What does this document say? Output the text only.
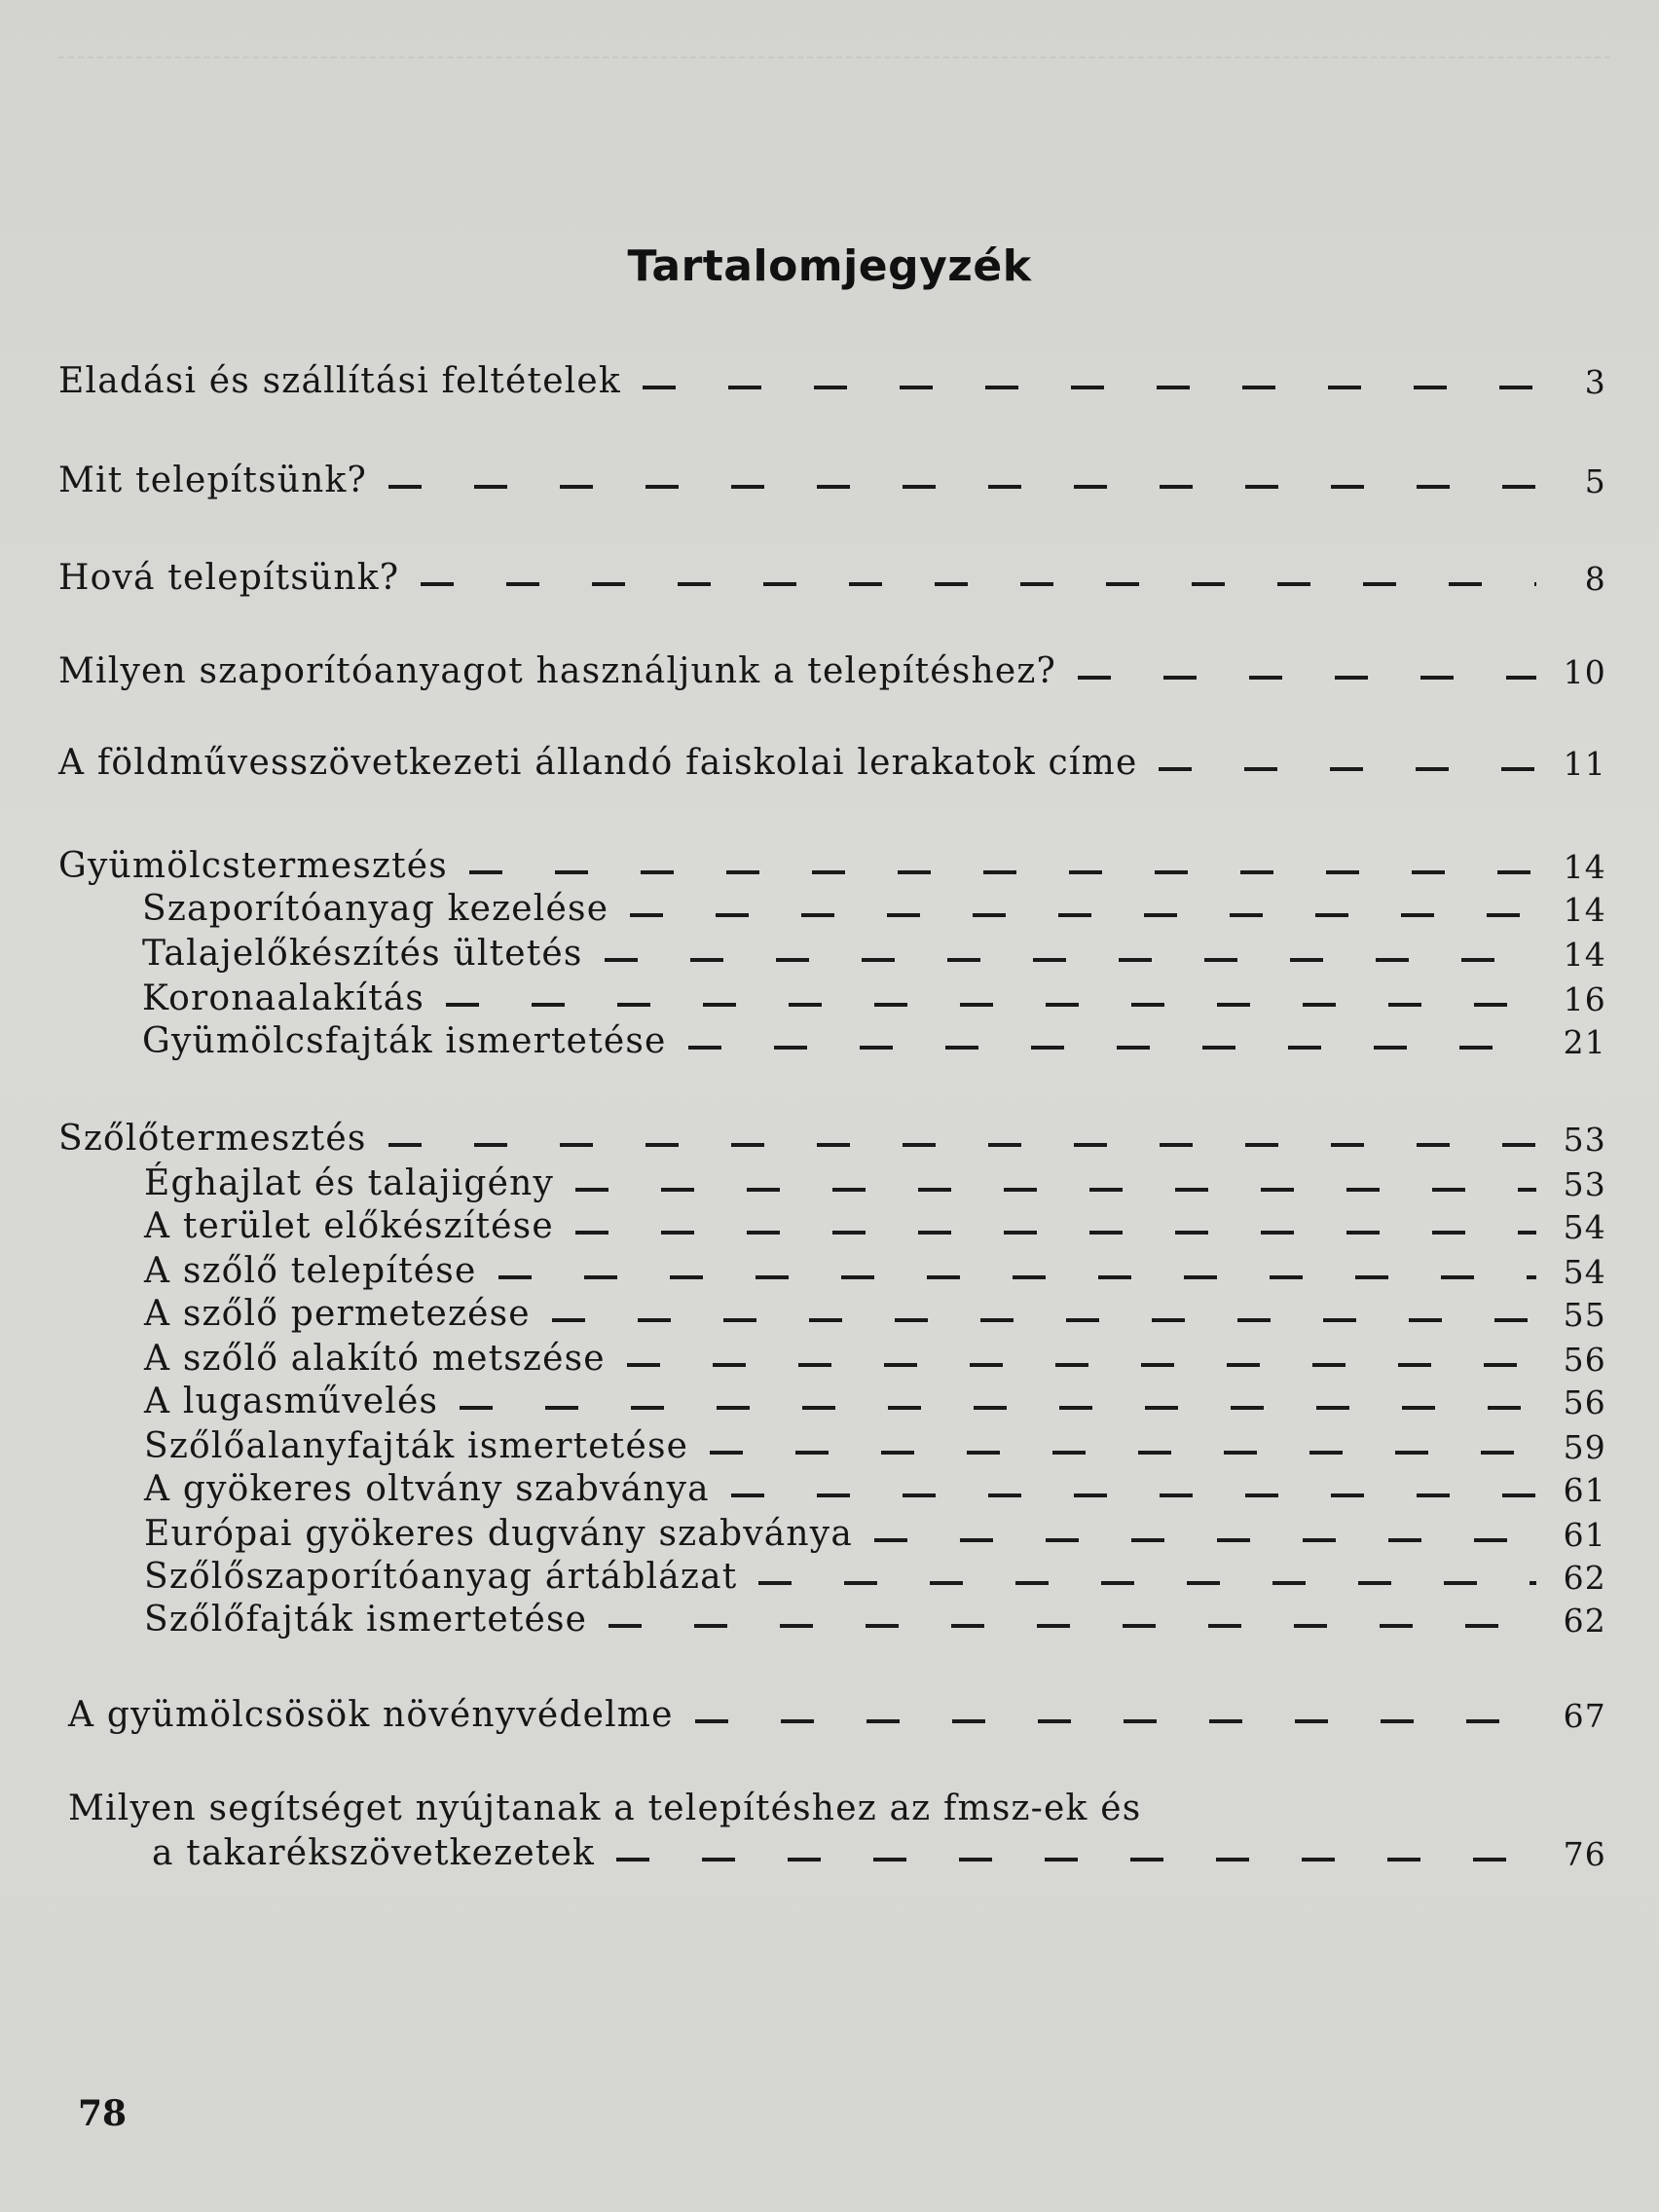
Tartalomjegyzék
Eladási és szállítási feltételek	3
Mit telepítsünk?	5
Hová telepítsünk?	8
Milyen szaporítóanyagot használjunk a telepítéshez?	10
A földművesszövetkezeti állandó faiskolai lerakatok címe	11
Gyümölcstermesztés	14
Szaporítóanyag kezelése	14
Talajelőkészítés ültetés	14
Koronaalakítás	16
Gyümölcsfajták ismertetése	21
Szőlőtermesztés	53
Éghajlat és talajigény	53
A terület előkészítése	54
A szőlő telepítése	54
A szőlő permetezése	55
A szőlő alakító metszése	56
A lugasművelés	56
Szőlőalanyfajták ismertetése	59
A gyökeres oltvány szabványa	61
Európai gyökeres dugvány szabványa	61
Szőlőszaporítóanyag ártáblázat	62
Szőlőfajták ismertetése	62
A gyümölcsösök növényvédelme	67
Milyen segítséget nyújtanak a telepítéshez az fmsz-ek és
a takarékszövetkezetek	76
78
